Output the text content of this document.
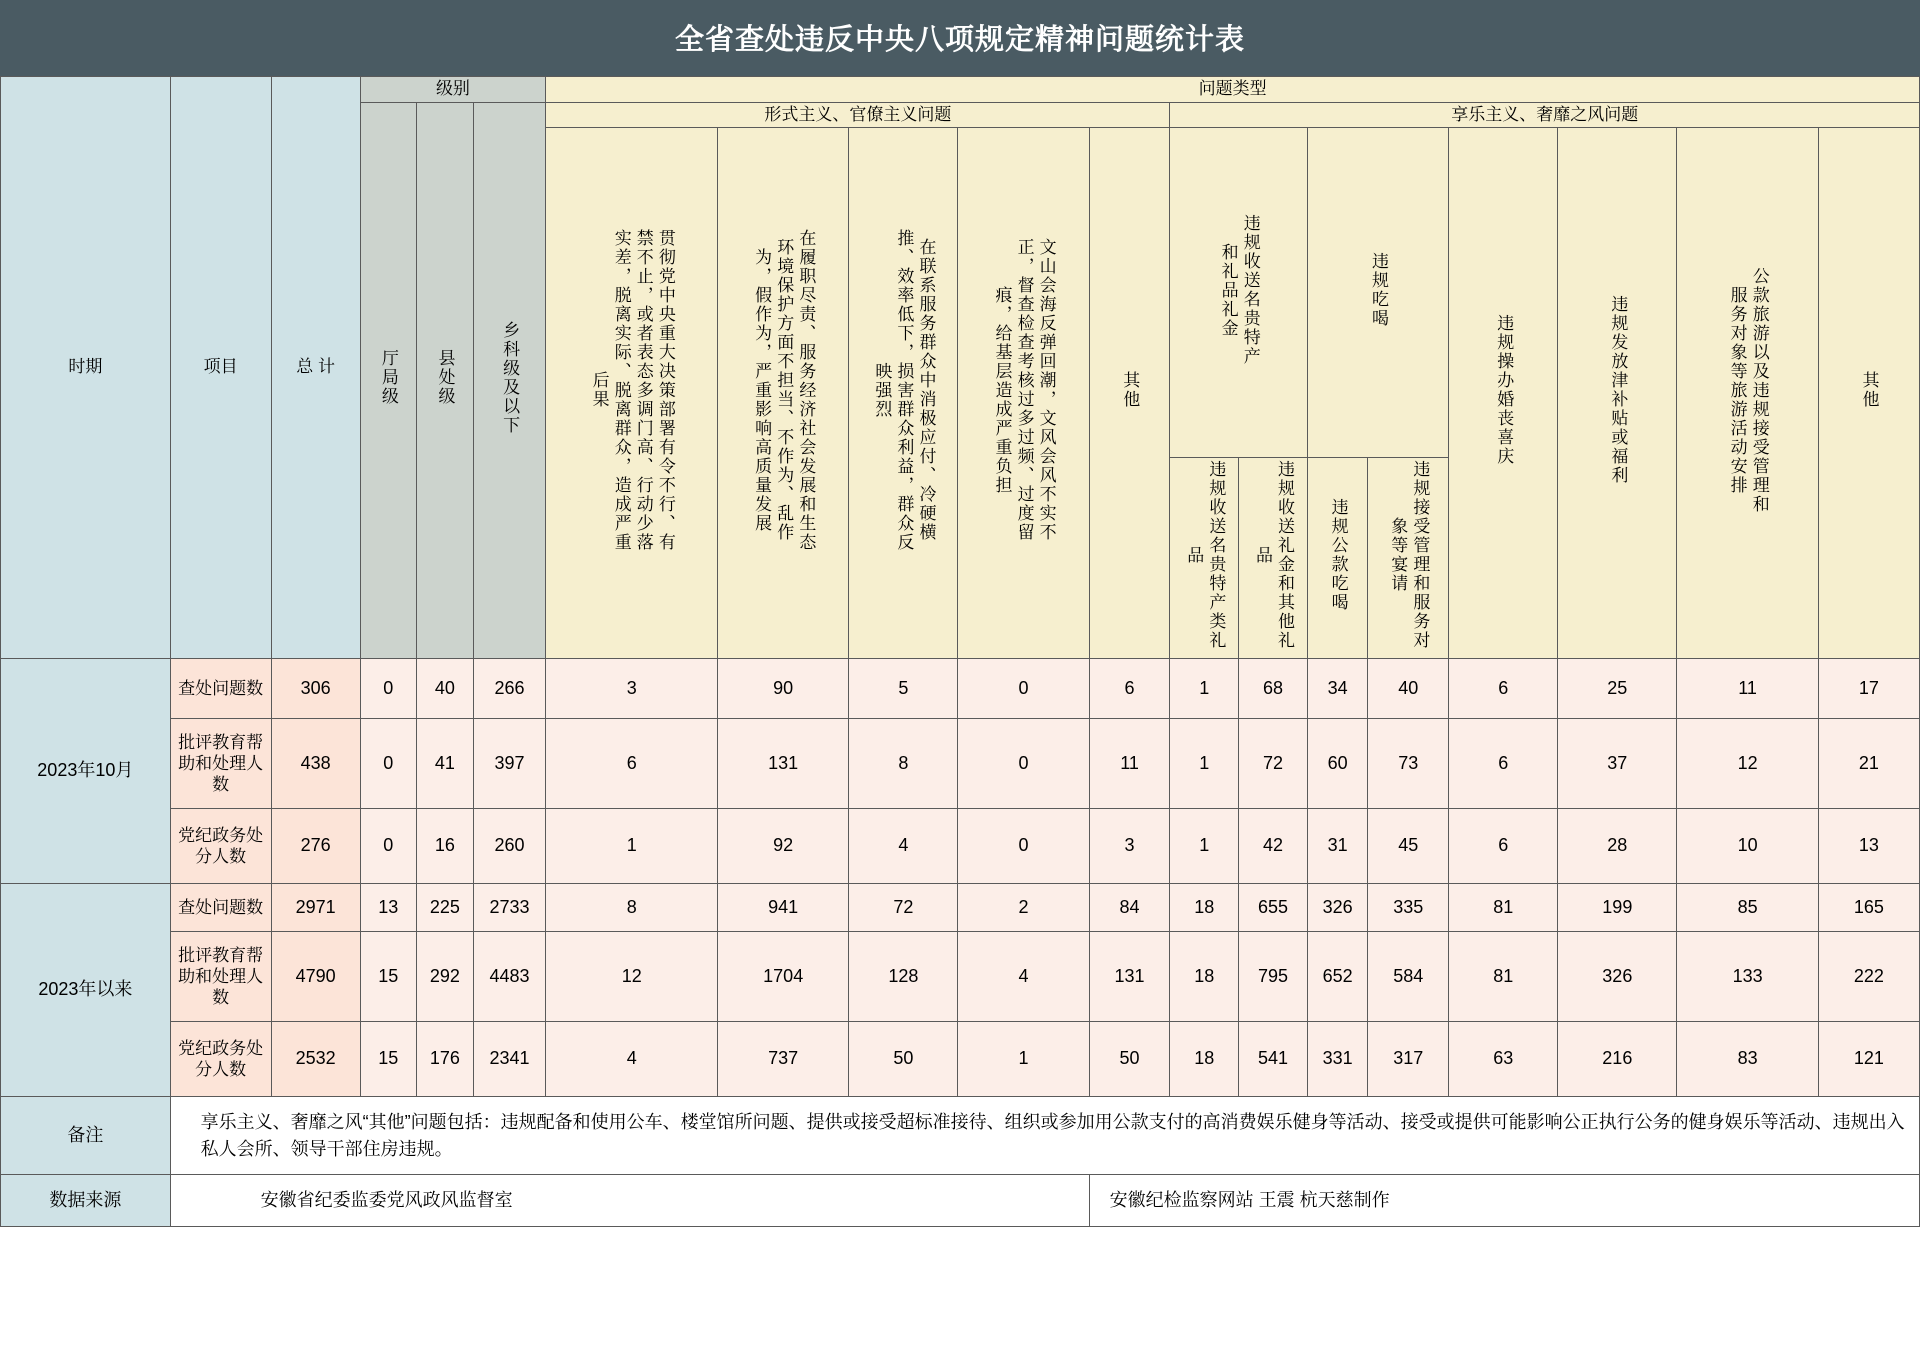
全省查处违反中央八项规定精神问题统计表
时期	项目	总 计	级别			问题类型												
			厅局级	县处级	乡科级及以下	形式主义、官僚主义问题					享乐主义、奢靡之风问题							
						贯彻党中央重大决策部署有令不行、有禁不止，或者表态多调门高、行动少落实差，脱离实际、脱离群众，造成严重后果	在履职尽责、服务经济社会发展和生态环境保护方面不担当、不作为、乱作为，假作为，严重影响高质量发展	在联系服务群众中消极应付、冷硬横推、效率低下，损害群众利益，群众反映强烈	文山会海反弹回潮，文风会风不实不正，督查检查考核过多过频、过度留痕，给基层造成严重负担	其他	违规收送名贵特产和礼品礼金		违规吃喝		违规操办婚丧喜庆	违规发放津补贴或福利	公款旅游以及违规接受管理和服务对象等旅游活动安排	其他
											违规收送名贵特产类礼品	违规收送礼金和其他礼品	违规公款吃喝	违规接受管理和服务对象等宴请				
2023年10月	查处问题数	306	0	40	266	3	90	5	0	6	1	68	34	40	6	25	11	17
	批评教育帮助和处理人数	438	0	41	397	6	131	8	0	11	1	72	60	73	6	37	12	21
	党纪政务处分人数	276	0	16	260	1	92	4	0	3	1	42	31	45	6	28	10	13
2023年以来	查处问题数	2971	13	225	2733	8	941	72	2	84	18	655	326	335	81	199	85	165
	批评教育帮助和处理人数	4790	15	292	4483	12	1704	128	4	131	18	795	652	584	81	326	133	222
	党纪政务处分人数	2532	15	176	2341	4	737	50	1	50	18	541	331	317	63	216	83	121
备注	享乐主义、奢靡之风“其他”问题包括：违规配备和使用公车、楼堂馆所问题、提供或接受超标准接待、组织或参加用公款支付的高消费娱乐健身等活动、接受或提供可能影响公正执行公务的健身娱乐等活动、违规出入私人会所、领导干部住房违规。																	
数据来源	安徽省纪委监委党风政风监督室									安徽纪检监察网站 王震 杭天慈制作								
